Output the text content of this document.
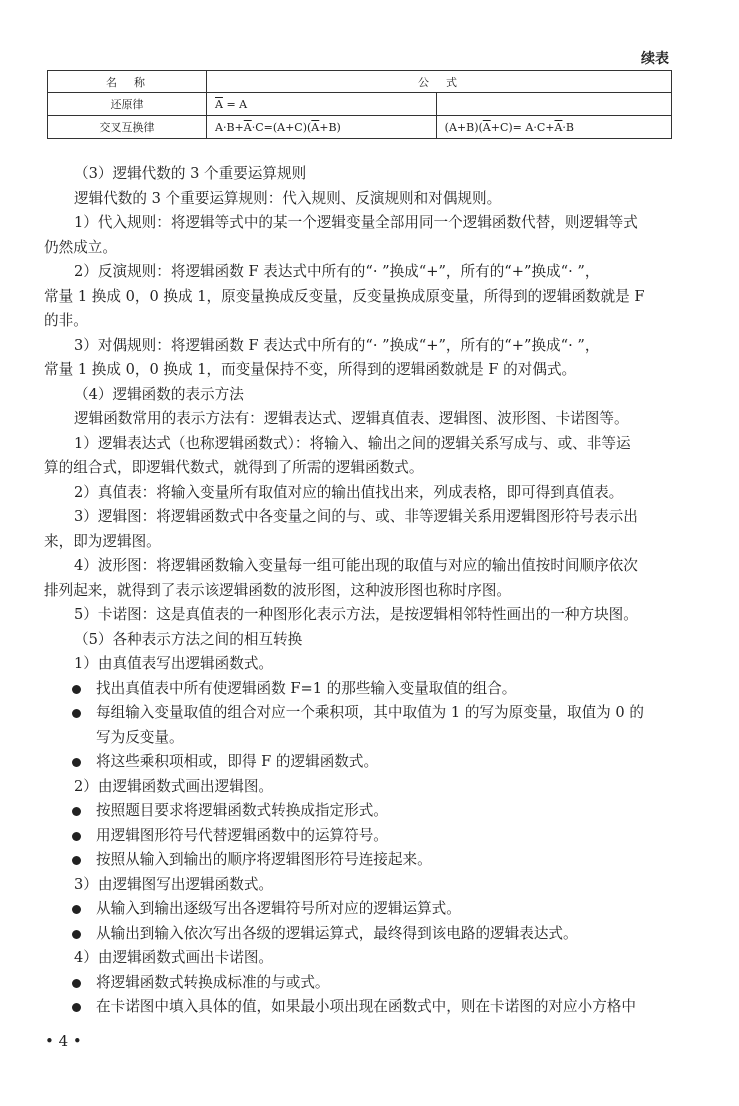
续表
名　称	公　式	
还原律	$\overline{A} = A$	
交叉互换律	$A\cdot B+\overline{A}\cdot C=(A+C)(\overline{A}+B)$	$(A+B)(\overline{A}+C)= A\cdot C+\overline{A}\cdot B$

（3）逻辑代数的 3 个重要运算规则

逻辑代数的 3 个重要运算规则：代入规则、反演规则和对偶规则。

1）代入规则：将逻辑等式中的某一个逻辑变量全部用同一个逻辑函数代替，则逻辑等式

仍然成立。

2）反演规则：将逻辑函数 F 表达式中所有的“· ”换成“+”，所有的“+”换成“· ”，

常量 1 换成 0，0 换成 1，原变量换成反变量，反变量换成原变量，所得到的逻辑函数就是 F

的非。

3）对偶规则：将逻辑函数 F 表达式中所有的“· ”换成“+”，所有的“+”换成“· ”，

常量 1 换成 0，0 换成 1，而变量保持不变，所得到的逻辑函数就是 F 的对偶式。

（4）逻辑函数的表示方法

逻辑函数常用的表示方法有：逻辑表达式、逻辑真值表、逻辑图、波形图、卡诺图等。

1）逻辑表达式（也称逻辑函数式）：将输入、输出之间的逻辑关系写成与、或、非等运

算的组合式，即逻辑代数式，就得到了所需的逻辑函数式。

2）真值表：将输入变量所有取值对应的输出值找出来，列成表格，即可得到真值表。

3）逻辑图：将逻辑函数式中各变量之间的与、或、非等逻辑关系用逻辑图形符号表示出

来，即为逻辑图。

4）波形图：将逻辑函数输入变量每一组可能出现的取值与对应的输出值按时间顺序依次

排列起来，就得到了表示该逻辑函数的波形图，这种波形图也称时序图。

5）卡诺图：这是真值表的一种图形化表示方法，是按逻辑相邻特性画出的一种方块图。

（5）各种表示方法之间的相互转换

1）由真值表写出逻辑函数式。

找出真值表中所有使逻辑函数 F=1 的那些输入变量取值的组合。

每组输入变量取值的组合对应一个乘积项，其中取值为 1 的写为原变量，取值为 0 的

写为反变量。

将这些乘积项相或，即得 F 的逻辑函数式。

2）由逻辑函数式画出逻辑图。

按照题目要求将逻辑函数式转换成指定形式。

用逻辑图形符号代替逻辑函数中的运算符号。

按照从输入到输出的顺序将逻辑图形符号连接起来。

3）由逻辑图写出逻辑函数式。

从输入到输出逐级写出各逻辑符号所对应的逻辑运算式。

从输出到输入依次写出各级的逻辑运算式，最终得到该电路的逻辑表达式。

4）由逻辑函数式画出卡诺图。

将逻辑函数式转换成标准的与或式。

在卡诺图中填入具体的值，如果最小项出现在函数式中，则在卡诺图的对应小方格中

• 4 •
